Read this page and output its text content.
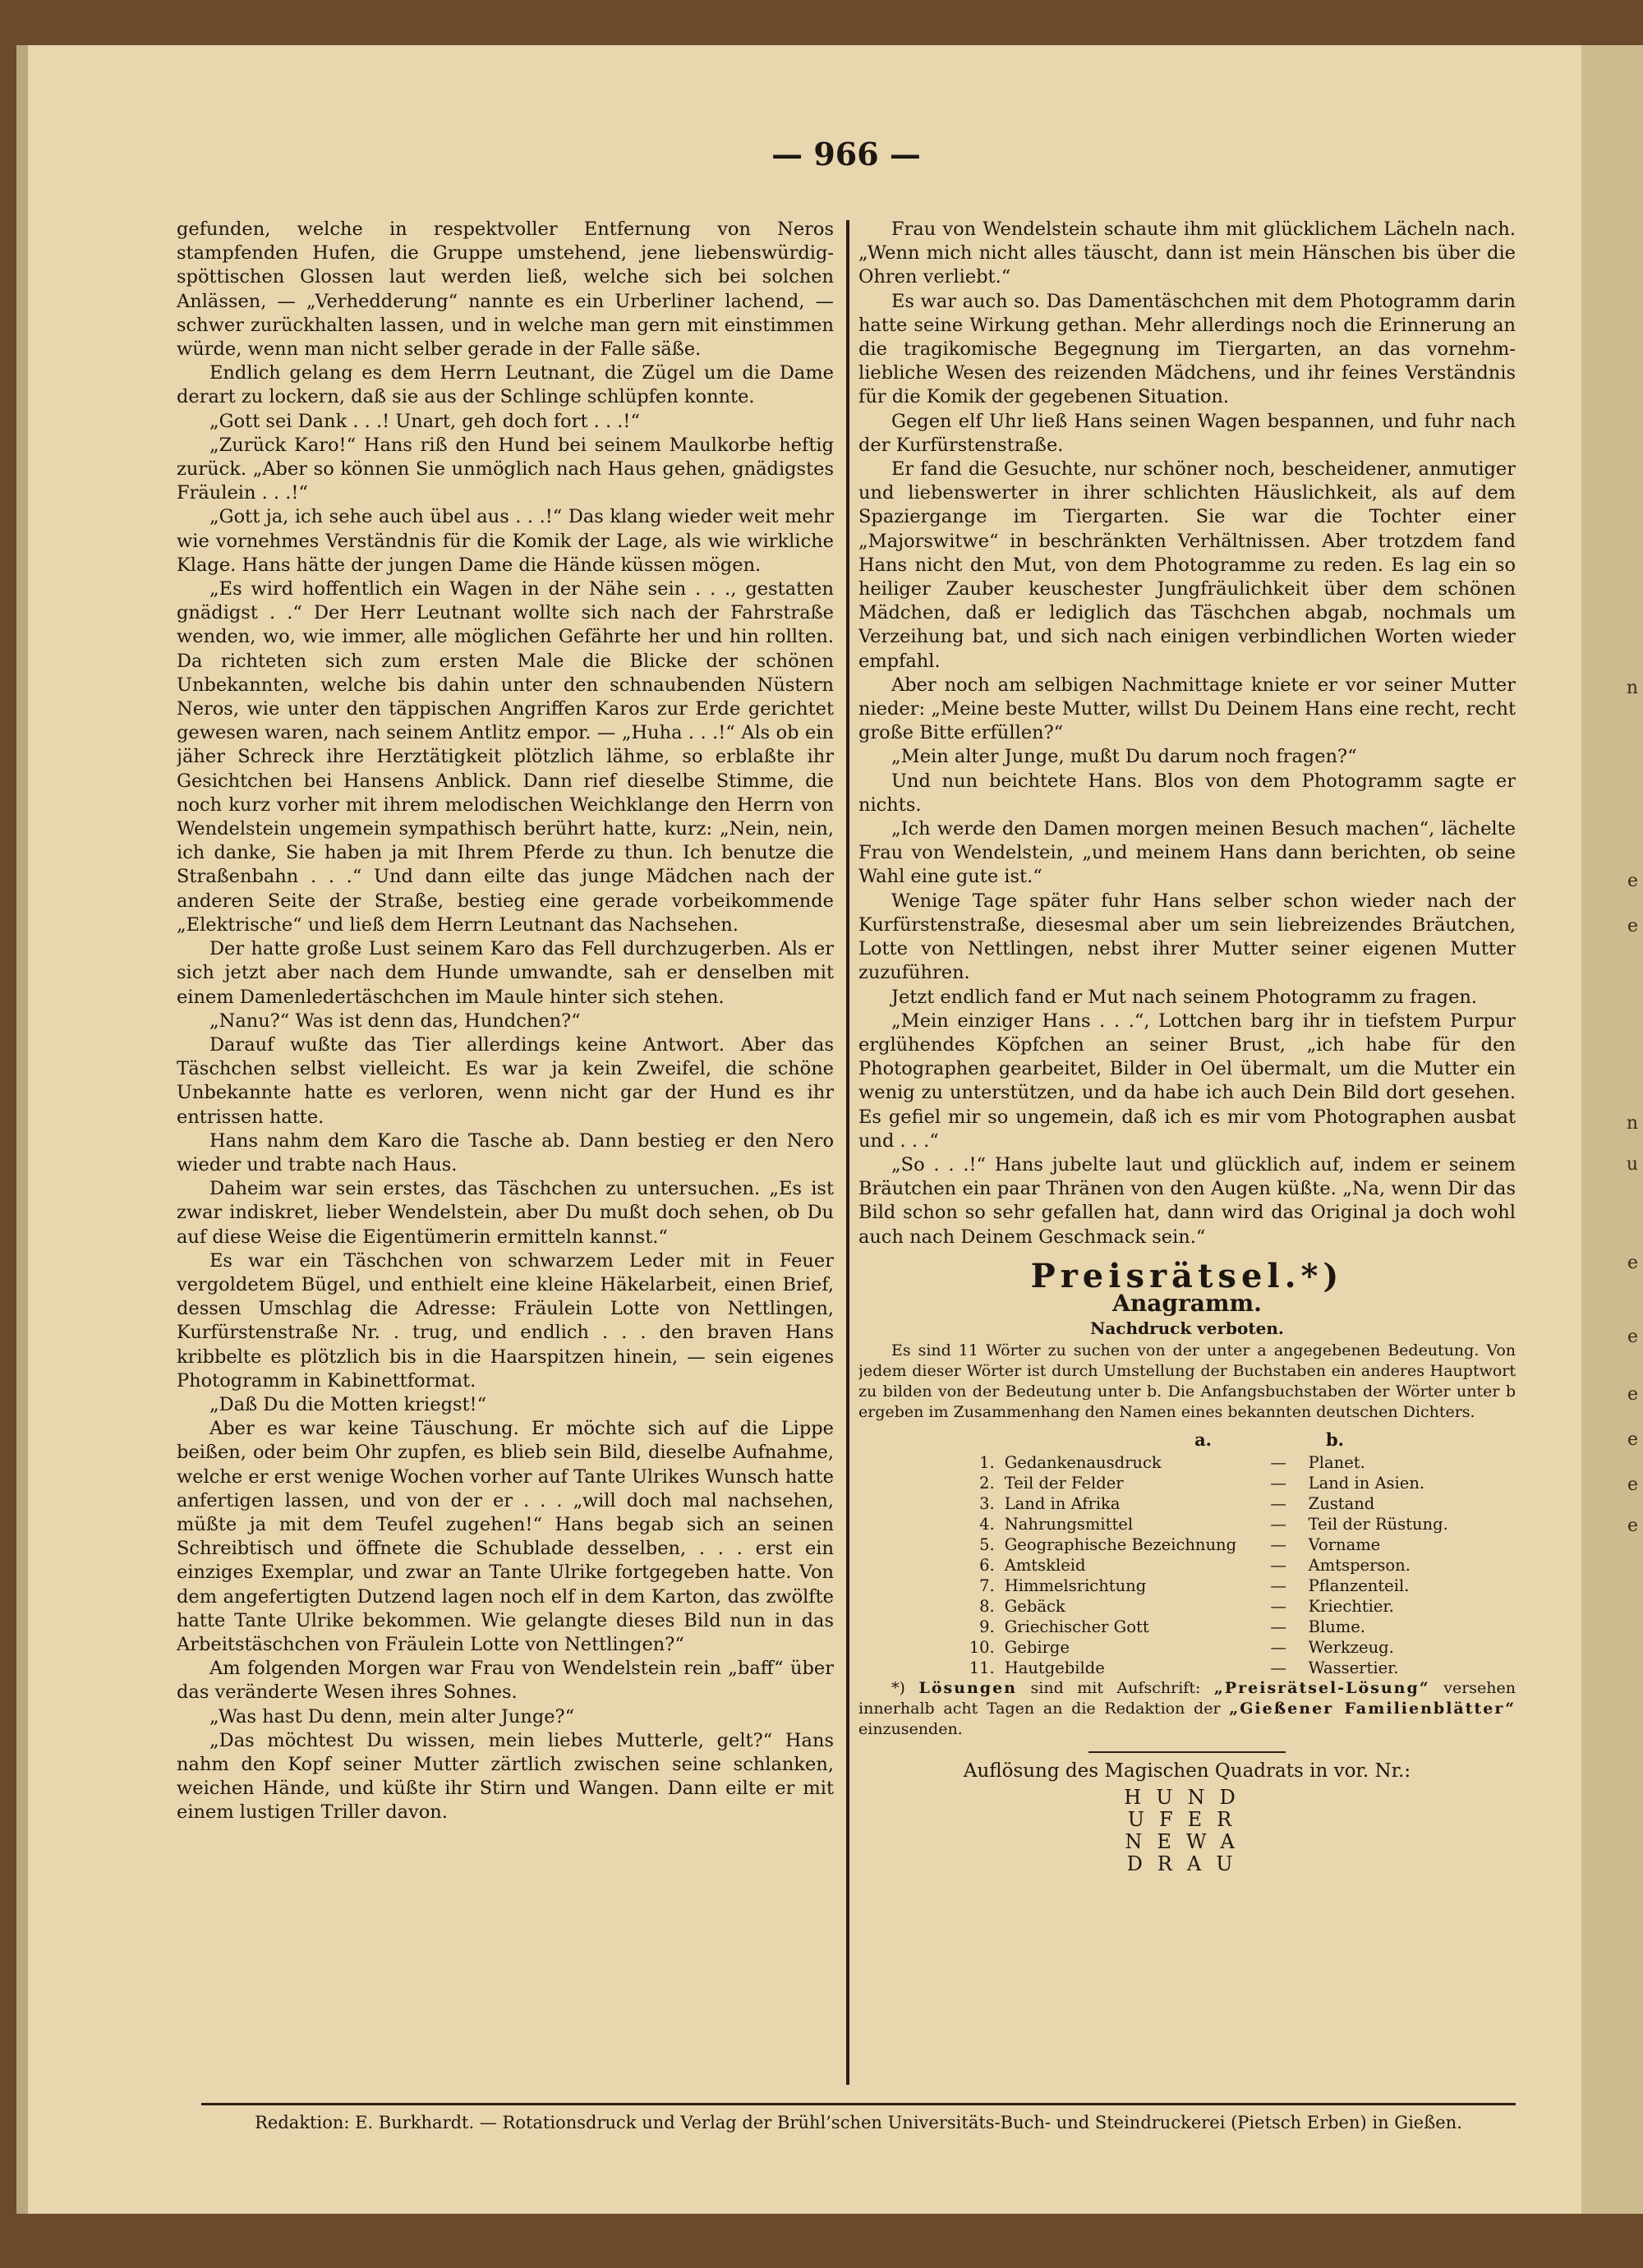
n
e
e
n
u
e
e
e
e
e
e
— 966 —

gefunden, welche in respektvoller Entfernung von Neros stampfenden Hufen, die Gruppe umstehend, jene liebenswürdig-spöttischen Glossen laut werden ließ, welche sich bei solchen Anlässen, — „Verhedderung“ nannte es ein Urberliner lachend, — schwer zurückhalten lassen, und in welche man gern mit einstimmen würde, wenn man nicht selber gerade in der Falle säße.

Endlich gelang es dem Herrn Leutnant, die Zügel um die Dame derart zu lockern, daß sie aus der Schlinge schlüpfen konnte.

„Gott sei Dank . . .! Unart, geh doch fort . . .!“

„Zurück Karo!“ Hans riß den Hund bei seinem Maulkorbe heftig zurück. „Aber so können Sie unmöglich nach Haus gehen, gnädigstes Fräulein . . .!“

„Gott ja, ich sehe auch übel aus . . .!“ Das klang wieder weit mehr wie vornehmes Verständnis für die Komik der Lage, als wie wirkliche Klage. Hans hätte der jungen Dame die Hände küssen mögen.

„Es wird hoffentlich ein Wagen in der Nähe sein . . ., gestatten gnädigst . .“ Der Herr Leutnant wollte sich nach der Fahrstraße wenden, wo, wie immer, alle möglichen Gefährte her und hin rollten. Da richteten sich zum ersten Male die Blicke der schönen Unbekannten, welche bis dahin unter den schnaubenden Nüstern Neros, wie unter den täppischen Angriffen Karos zur Erde gerichtet gewesen waren, nach seinem Antlitz empor. — „Huha . . .!“ Als ob ein jäher Schreck ihre Herztätigkeit plötzlich lähme, so erblaßte ihr Gesichtchen bei Hansens Anblick. Dann rief dieselbe Stimme, die noch kurz vorher mit ihrem melodischen Weichklange den Herrn von Wendelstein ungemein sympathisch berührt hatte, kurz: „Nein, nein, ich danke, Sie haben ja mit Ihrem Pferde zu thun. Ich benutze die Straßenbahn . . .“ Und dann eilte das junge Mädchen nach der anderen Seite der Straße, bestieg eine gerade vorbeikommende „Elektrische“ und ließ dem Herrn Leutnant das Nachsehen.

Der hatte große Lust seinem Karo das Fell durchzugerben. Als er sich jetzt aber nach dem Hunde umwandte, sah er denselben mit einem Damenledertäschchen im Maule hinter sich stehen.

„Nanu?“ Was ist denn das, Hundchen?“

Darauf wußte das Tier allerdings keine Antwort. Aber das Täschchen selbst vielleicht. Es war ja kein Zweifel, die schöne Unbekannte hatte es verloren, wenn nicht gar der Hund es ihr entrissen hatte.

Hans nahm dem Karo die Tasche ab. Dann bestieg er den Nero wieder und trabte nach Haus.

Daheim war sein erstes, das Täschchen zu untersuchen. „Es ist zwar indiskret, lieber Wendelstein, aber Du mußt doch sehen, ob Du auf diese Weise die Eigentümerin ermitteln kannst.“

Es war ein Täschchen von schwarzem Leder mit in Feuer vergoldetem Bügel, und enthielt eine kleine Häkelarbeit, einen Brief, dessen Umschlag die Adresse: Fräulein Lotte von Nettlingen, Kurfürstenstraße Nr. . trug, und endlich . . . den braven Hans kribbelte es plötzlich bis in die Haarspitzen hinein, — sein eigenes Photogramm in Kabinettformat.

„Daß Du die Motten kriegst!“

Aber es war keine Täuschung. Er möchte sich auf die Lippe beißen, oder beim Ohr zupfen, es blieb sein Bild, dieselbe Aufnahme, welche er erst wenige Wochen vorher auf Tante Ulrikes Wunsch hatte anfertigen lassen, und von der er . . . „will doch mal nachsehen, müßte ja mit dem Teufel zugehen!“ Hans begab sich an seinen Schreibtisch und öffnete die Schublade desselben, . . . erst ein einziges Exemplar, und zwar an Tante Ulrike fortgegeben hatte. Von dem angefertigten Dutzend lagen noch elf in dem Karton, das zwölfte hatte Tante Ulrike bekommen. Wie gelangte dieses Bild nun in das Arbeitstäschchen von Fräulein Lotte von Nettlingen?“

Am folgenden Morgen war Frau von Wendelstein rein „baff“ über das veränderte Wesen ihres Sohnes.

„Was hast Du denn, mein alter Junge?“

„Das möchtest Du wissen, mein liebes Mutterle, gelt?“ Hans nahm den Kopf seiner Mutter zärtlich zwischen seine schlanken, weichen Hände, und küßte ihr Stirn und Wangen. Dann eilte er mit einem lustigen Triller davon.

Frau von Wendelstein schaute ihm mit glücklichem Lächeln nach. „Wenn mich nicht alles täuscht, dann ist mein Hänschen bis über die Ohren verliebt.“

Es war auch so. Das Damentäschchen mit dem Photogramm darin hatte seine Wirkung gethan. Mehr allerdings noch die Erinnerung an die tragikomische Begegnung im Tiergarten, an das vornehm-liebliche Wesen des reizenden Mädchens, und ihr feines Verständnis für die Komik der gegebenen Situation.

Gegen elf Uhr ließ Hans seinen Wagen bespannen, und fuhr nach der Kurfürstenstraße.

Er fand die Gesuchte, nur schöner noch, bescheidener, anmutiger und liebenswerter in ihrer schlichten Häuslichkeit, als auf dem Spaziergange im Tiergarten. Sie war die Tochter einer „Majorswitwe“ in beschränkten Verhältnissen. Aber trotzdem fand Hans nicht den Mut, von dem Photogramme zu reden. Es lag ein so heiliger Zauber keuschester Jungfräulichkeit über dem schönen Mädchen, daß er lediglich das Täschchen abgab, nochmals um Verzeihung bat, und sich nach einigen verbindlichen Worten wieder empfahl.

Aber noch am selbigen Nachmittage kniete er vor seiner Mutter nieder: „Meine beste Mutter, willst Du Deinem Hans eine recht, recht große Bitte erfüllen?“

„Mein alter Junge, mußt Du darum noch fragen?“

Und nun beichtete Hans. Blos von dem Photogramm sagte er nichts.

„Ich werde den Damen morgen meinen Besuch machen“, lächelte Frau von Wendelstein, „und meinem Hans dann berichten, ob seine Wahl eine gute ist.“

Wenige Tage später fuhr Hans selber schon wieder nach der Kurfürstenstraße, diesesmal aber um sein liebreizendes Bräutchen, Lotte von Nettlingen, nebst ihrer Mutter seiner eigenen Mutter zuzuführen.

Jetzt endlich fand er Mut nach seinem Photogramm zu fragen.

„Mein einziger Hans . . .“, Lottchen barg ihr in tiefstem Purpur erglühendes Köpfchen an seiner Brust, „ich habe für den Photographen gearbeitet, Bilder in Oel übermalt, um die Mutter ein wenig zu unterstützen, und da habe ich auch Dein Bild dort gesehen. Es gefiel mir so ungemein, daß ich es mir vom Photographen ausbat und . . .“

„So . . .!“ Hans jubelte laut und glücklich auf, indem er seinem Bräutchen ein paar Thränen von den Augen küßte. „Na, wenn Dir das Bild schon so sehr gefallen hat, dann wird das Original ja doch wohl auch nach Deinem Geschmack sein.“

Preisrätsel.*)
Anagramm.
Nachdruck verboten.

Es sind 11 Wörter zu suchen von der unter a angegebenen Bedeutung. Von jedem dieser Wörter ist durch Umstellung der Buchstaben ein anderes Hauptwort zu bilden von der Bedeutung unter b. Die Anfangsbuchstaben der Wörter unter b ergeben im Zusammenhang den Namen eines bekannten deutschen Dichters.

a.	b.
1.	Gedankenausdruck	—	Planet.
2.	Teil der Felder	—	Land in Asien.
3.	Land in Afrika	—	Zustand
4.	Nahrungsmittel	—	Teil der Rüstung.
5.	Geographische Bezeichnung	—	Vorname
6.	Amtskleid	—	Amtsperson.
7.	Himmelsrichtung	—	Pflanzenteil.
8.	Gebäck	—	Kriechtier.
9.	Griechischer Gott	—	Blume.
10.	Gebirge	—	Werkzeug.
11.	Hautgebilde	—	Wassertier.

*) Lösungen sind mit Aufschrift: „Preisrätsel-Lösung“ versehen innerhalb acht Tagen an die Redaktion der „Gießener Familienblätter“ einzusenden.

Auflösung des Magischen Quadrats in vor. Nr.:
HUND
UFER
NEWA
DRAU
Redaktion: E. Burkhardt. — Rotationsdruck und Verlag der Brühl’schen Universitäts-Buch- und Steindruckerei (Pietsch Erben) in Gießen.
